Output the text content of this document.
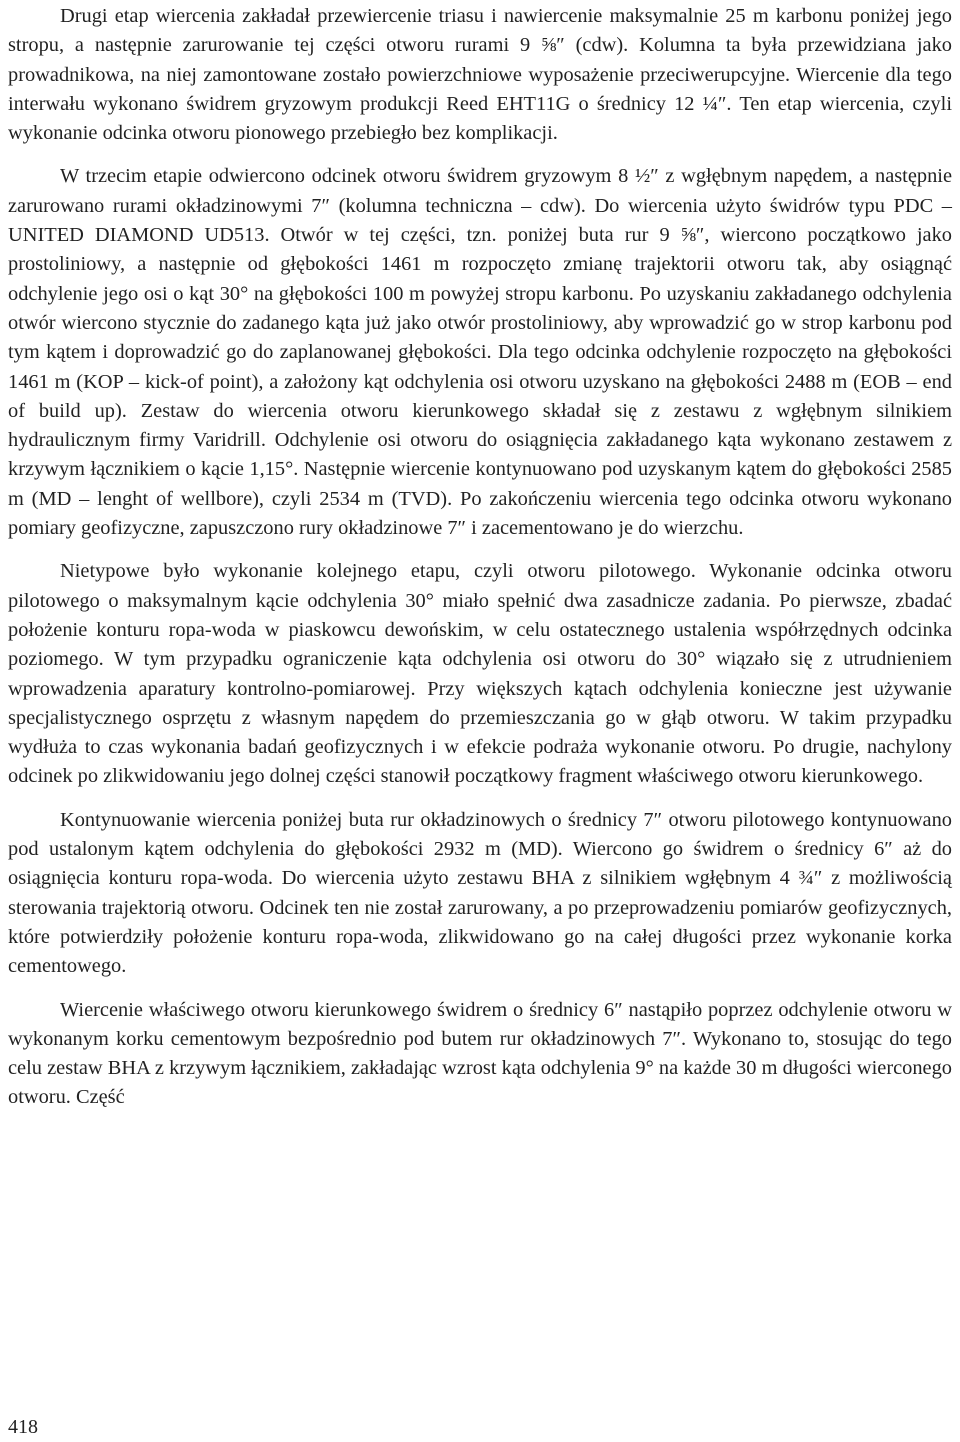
Drugi etap wiercenia zakładał przewiercenie triasu i nawiercenie maksymalnie 25 m karbonu poniżej jego stropu, a następnie zarurowanie tej części otworu rurami 9 ⅝″ (cdw). Kolumna ta była przewidziana jako prowadnikowa, na niej zamontowane zostało powierzchniowe wyposażenie przeciwerupcyjne. Wiercenie dla tego interwału wykonano świdrem gryzowym produkcji Reed EHT11G o średnicy 12 ¼″. Ten etap wiercenia, czyli wykonanie odcinka otworu pionowego przebiegło bez komplikacji.

W trzecim etapie odwiercono odcinek otworu świdrem gryzowym 8 ½″ z wgłębnym napędem, a następnie zarurowano rurami okładzinowymi 7″ (kolumna techniczna – cdw). Do wiercenia użyto świdrów typu PDC – UNITED DIAMOND UD513. Otwór w tej części, tzn. poniżej buta rur 9 ⅝″, wiercono początkowo jako prostoliniowy, a następnie od głębokości 1461 m rozpoczęto zmianę trajektorii otworu tak, aby osiągnąć odchylenie jego osi o kąt 30° na głębokości 100 m powyżej stropu karbonu. Po uzyskaniu zakładanego odchylenia otwór wiercono stycznie do zadanego kąta już jako otwór prostoliniowy, aby wprowadzić go w strop karbonu pod tym kątem i doprowadzić go do zaplanowanej głębokości. Dla tego odcinka odchylenie rozpoczęto na głębokości 1461 m (KOP – kick-of point), a założony kąt odchylenia osi otworu uzyskano na głębokości 2488 m (EOB – end of build up). Zestaw do wiercenia otworu kierunkowego składał się z zestawu z wgłębnym silnikiem hydraulicznym firmy Varidrill. Odchylenie osi otworu do osiągnięcia zakładanego kąta wykonano zestawem z krzywym łącznikiem o kącie 1,15°. Następnie wiercenie kontynuowano pod uzyskanym kątem do głębokości 2585 m (MD – lenght of wellbore), czyli 2534 m (TVD). Po zakończeniu wiercenia tego odcinka otworu wykonano pomiary geofizyczne, zapuszczono rury okładzinowe 7″ i zacementowano je do wierzchu.

Nietypowe było wykonanie kolejnego etapu, czyli otworu pilotowego. Wykonanie odcinka otworu pilotowego o maksymalnym kącie odchylenia 30° miało spełnić dwa zasadnicze zadania. Po pierwsze, zbadać położenie konturu ropa-woda w piaskowcu dewońskim, w celu ostatecznego ustalenia współrzędnych odcinka poziomego. W tym przypadku ograniczenie kąta odchylenia osi otworu do 30° wiązało się z utrudnieniem wprowadzenia aparatury kontrolno-pomiarowej. Przy większych kątach odchylenia konieczne jest używanie specjalistycznego osprzętu z własnym napędem do przemieszczania go w głąb otworu. W takim przypadku wydłuża to czas wykonania badań geofizycznych i w efekcie podraża wykonanie otworu. Po drugie, nachylony odcinek po zlikwidowaniu jego dolnej części stanowił początkowy fragment właściwego otworu kierunkowego.

Kontynuowanie wiercenia poniżej buta rur okładzinowych o średnicy 7″ otworu pilotowego kontynuowano pod ustalonym kątem odchylenia do głębokości 2932 m (MD). Wiercono go świdrem o średnicy 6″ aż do osiągnięcia konturu ropa-woda. Do wiercenia użyto zestawu BHA z silnikiem wgłębnym 4 ¾″ z możliwością sterowania trajektorią otworu. Odcinek ten nie został zarurowany, a po przeprowadzeniu pomiarów geofizycznych, które potwierdziły położenie konturu ropa-woda, zlikwidowano go na całej długości przez wykonanie korka cementowego.

Wiercenie właściwego otworu kierunkowego świdrem o średnicy 6″ nastąpiło poprzez odchylenie otworu w wykonanym korku cementowym bezpośrednio pod butem rur okładzinowych 7″. Wykonano to, stosując do tego celu zestaw BHA z krzywym łącznikiem, zakładając wzrost kąta odchylenia 9° na każde 30 m długości wierconego otworu. Część

418
